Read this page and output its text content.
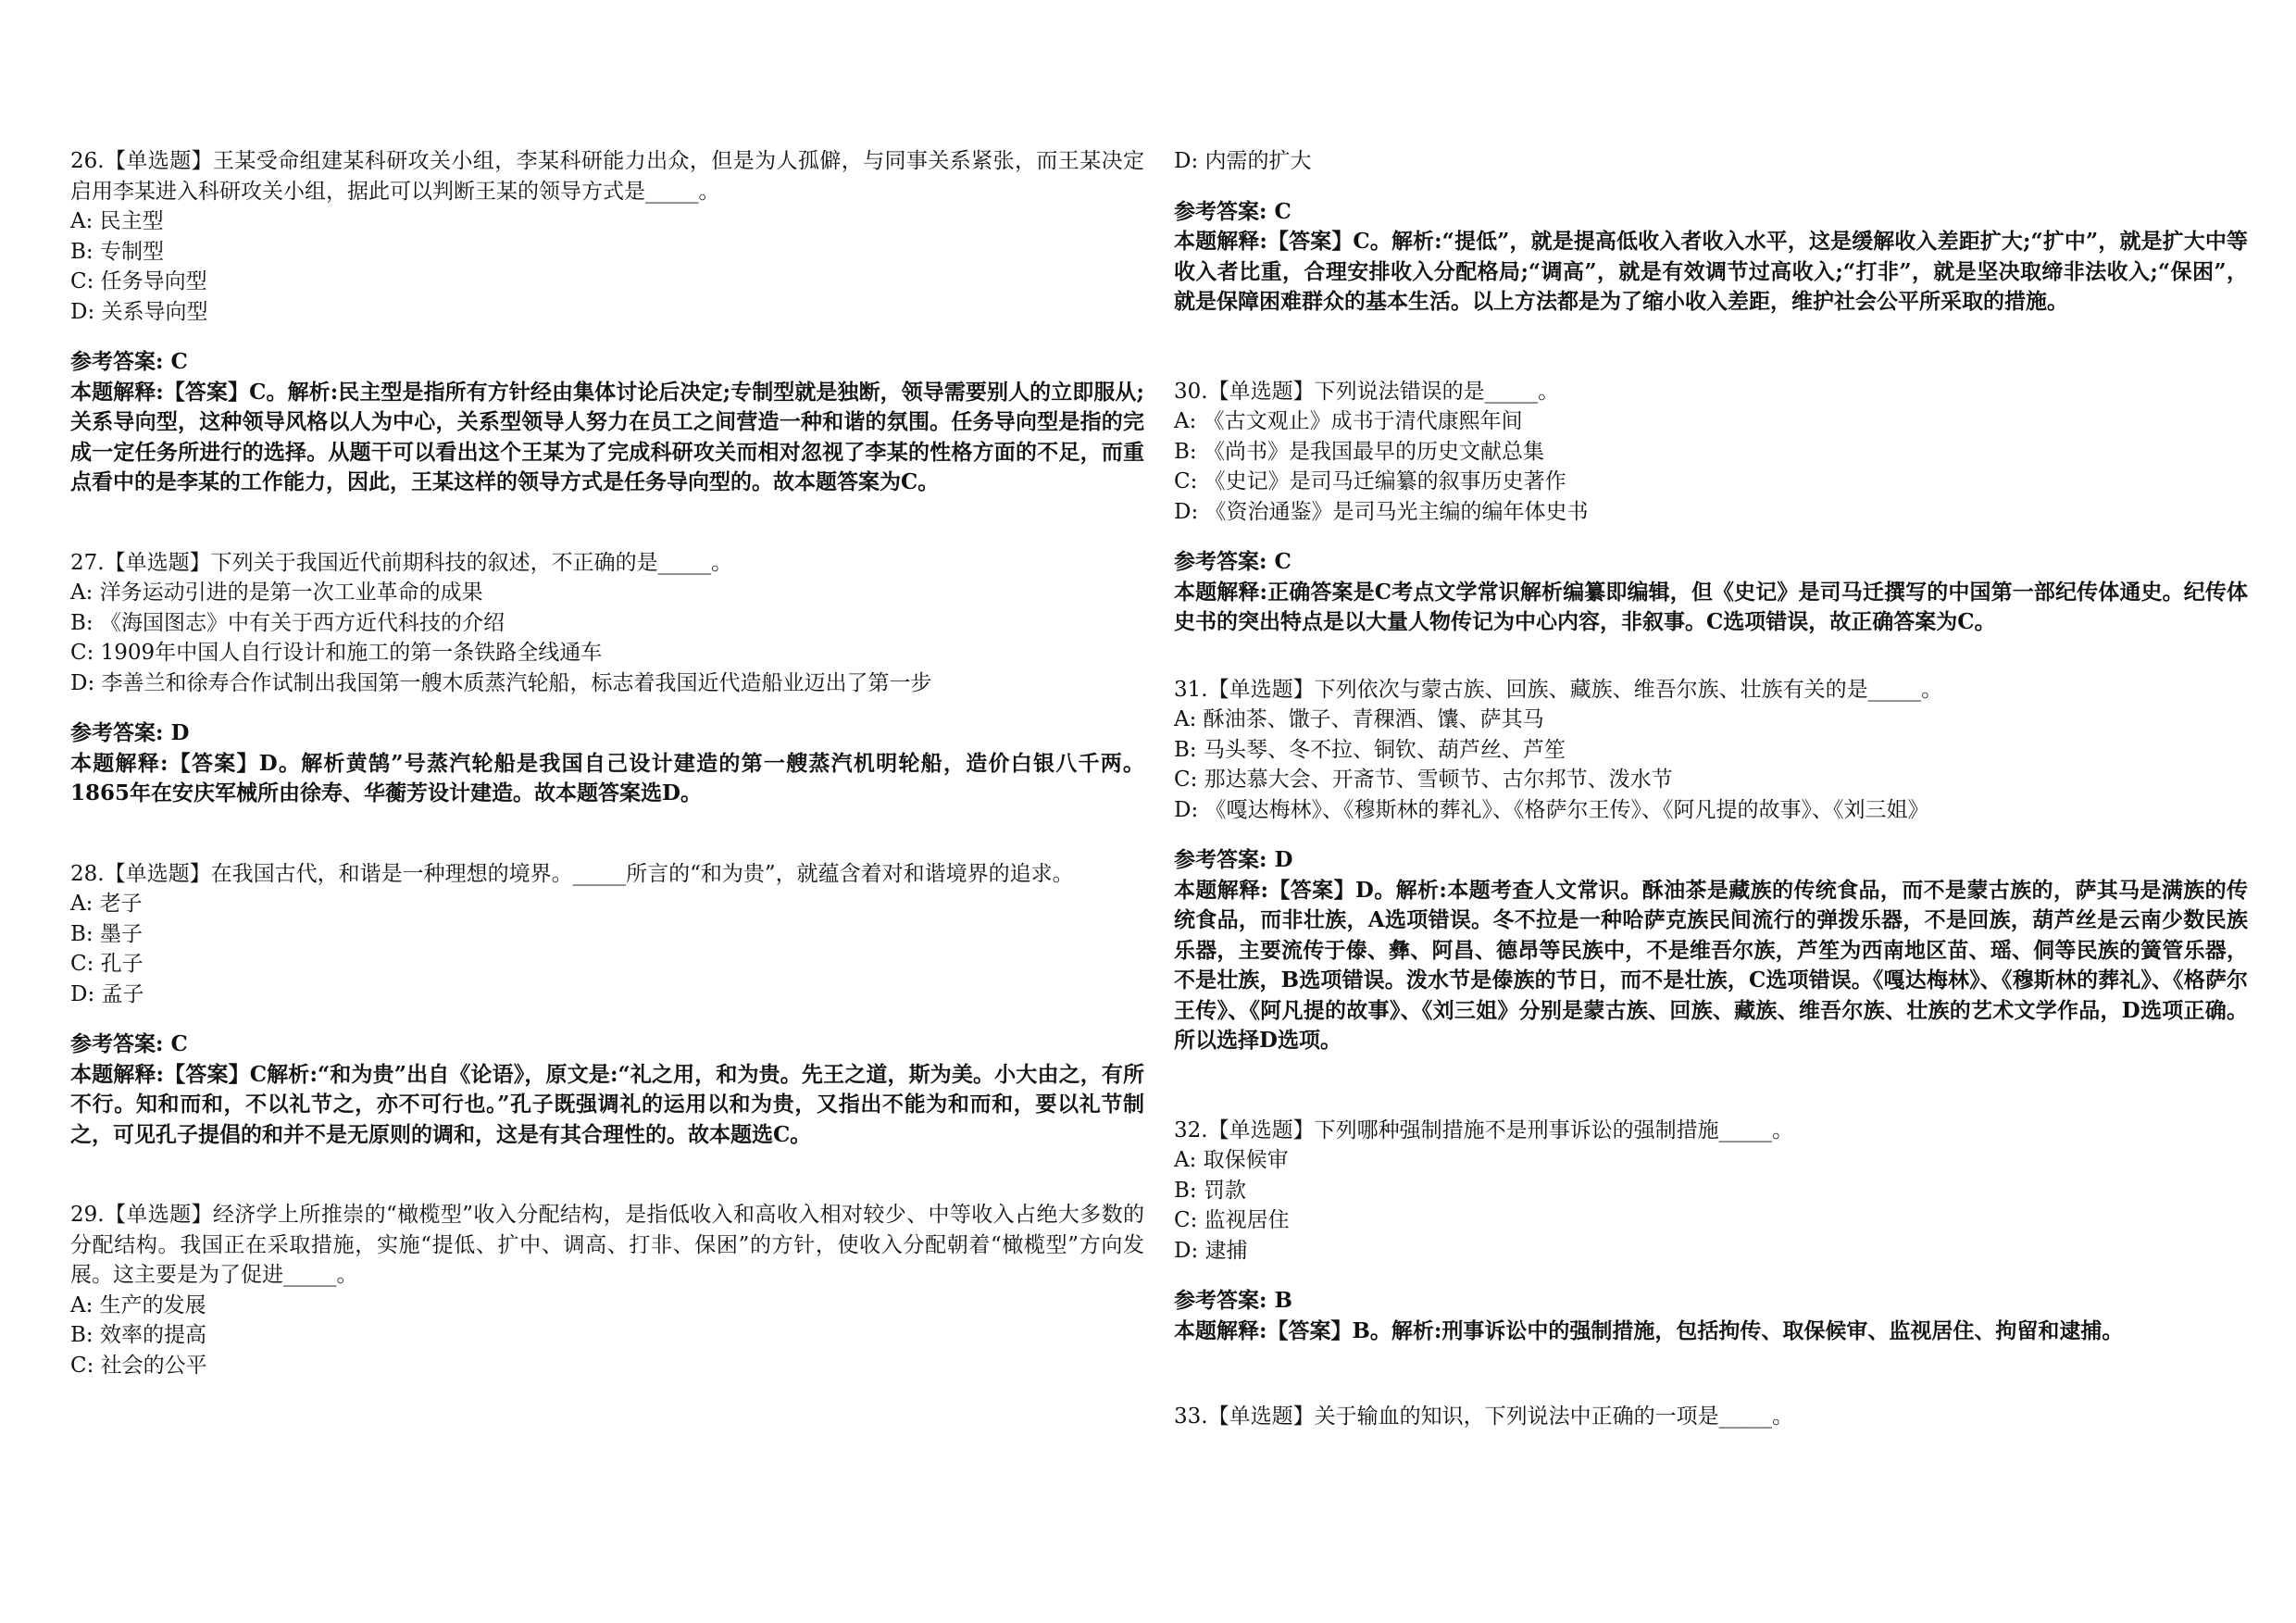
26.【单选题】王某受命组建某科研攻关小组，李某科研能力出众，但是为人孤僻，与同事关系紧张，而王某决定启用李某进入科研攻关小组，据此可以判断王某的领导方式是_____。

A: 民主型

B: 专制型

C: 任务导向型

D: 关系导向型

参考答案: C

本题解释:【答案】C。解析:民主型是指所有方针经由集体讨论后决定;专制型就是独断，领导需要别人的立即服从;关系导向型，这种领导风格以人为中心，关系型领导人努力在员工之间营造一种和谐的氛围。任务导向型是指的完成一定任务所进行的选择。从题干可以看出这个王某为了完成科研攻关而相对忽视了李某的性格方面的不足，而重点看中的是李某的工作能力，因此，王某这样的领导方式是任务导向型的。故本题答案为C。

27.【单选题】下列关于我国近代前期科技的叙述，不正确的是_____。

A: 洋务运动引进的是第一次工业革命的成果

B: 《海国图志》中有关于西方近代科技的介绍

C: 1909年中国人自行设计和施工的第一条铁路全线通车

D: 李善兰和徐寿合作试制出我国第一艘木质蒸汽轮船，标志着我国近代造船业迈出了第一步

参考答案: D

本题解释:【答案】D。解析黄鹄”号蒸汽轮船是我国自己设计建造的第一艘蒸汽机明轮船，造价白银八千两。1865年在安庆军械所由徐寿、华蘅芳设计建造。故本题答案选D。

28.【单选题】在我国古代，和谐是一种理想的境界。_____所言的“和为贵”，就蕴含着对和谐境界的追求。

A: 老子

B: 墨子

C: 孔子

D: 孟子

参考答案: C

本题解释:【答案】C解析:“和为贵”出自《论语》，原文是:“礼之用，和为贵。先王之道，斯为美。小大由之，有所不行。知和而和，不以礼节之，亦不可行也。”孔子既强调礼的运用以和为贵，又指出不能为和而和，要以礼节制之，可见孔子提倡的和并不是无原则的调和，这是有其合理性的。故本题选C。

29.【单选题】经济学上所推崇的“橄榄型”收入分配结构，是指低收入和高收入相对较少、中等收入占绝大多数的分配结构。我国正在采取措施，实施“提低、扩中、调高、打非、保困”的方针，使收入分配朝着“橄榄型”方向发展。这主要是为了促进_____。

A: 生产的发展

B: 效率的提高

C: 社会的公平

D: 内需的扩大

参考答案: C

本题解释:【答案】C。解析:“提低”，就是提高低收入者收入水平，这是缓解收入差距扩大;“扩中”，就是扩大中等收入者比重，合理安排收入分配格局;“调高”，就是有效调节过高收入;“打非”，就是坚决取缔非法收入;“保困”，就是保障困难群众的基本生活。以上方法都是为了缩小收入差距，维护社会公平所采取的措施。

30.【单选题】下列说法错误的是_____。

A: 《古文观止》成书于清代康熙年间

B: 《尚书》是我国最早的历史文献总集

C: 《史记》是司马迁编纂的叙事历史著作

D: 《资治通鉴》是司马光主编的编年体史书

参考答案: C

本题解释:正确答案是C考点文学常识解析编纂即编辑，但《史记》是司马迁撰写的中国第一部纪传体通史。纪传体史书的突出特点是以大量人物传记为中心内容，非叙事。C选项错误，故正确答案为C。

31.【单选题】下列依次与蒙古族、回族、藏族、维吾尔族、壮族有关的是_____。

A: 酥油茶、馓子、青稞酒、馕、萨其马

B: 马头琴、冬不拉、铜钦、葫芦丝、芦笙

C: 那达慕大会、开斋节、雪顿节、古尔邦节、泼水节

D: 《嘎达梅林》、《穆斯林的葬礼》、《格萨尔王传》、《阿凡提的故事》、《刘三姐》

参考答案: D

本题解释:【答案】D。解析:本题考查人文常识。酥油茶是藏族的传统食品，而不是蒙古族的，萨其马是满族的传统食品，而非壮族，A选项错误。冬不拉是一种哈萨克族民间流行的弹拨乐器，不是回族，葫芦丝是云南少数民族乐器，主要流传于傣、彝、阿昌、德昂等民族中，不是维吾尔族，芦笙为西南地区苗、瑶、侗等民族的簧管乐器，不是壮族，B选项错误。泼水节是傣族的节日，而不是壮族，C选项错误。《嘎达梅林》、《穆斯林的葬礼》、《格萨尔王传》、《阿凡提的故事》、《刘三姐》分别是蒙古族、回族、藏族、维吾尔族、壮族的艺术文学作品，D选项正确。所以选择D选项。

32.【单选题】下列哪种强制措施不是刑事诉讼的强制措施_____。

A: 取保候审

B: 罚款

C: 监视居住

D: 逮捕

参考答案: B

本题解释:【答案】B。解析:刑事诉讼中的强制措施，包括拘传、取保候审、监视居住、拘留和逮捕。

33.【单选题】关于输血的知识，下列说法中正确的一项是_____。
